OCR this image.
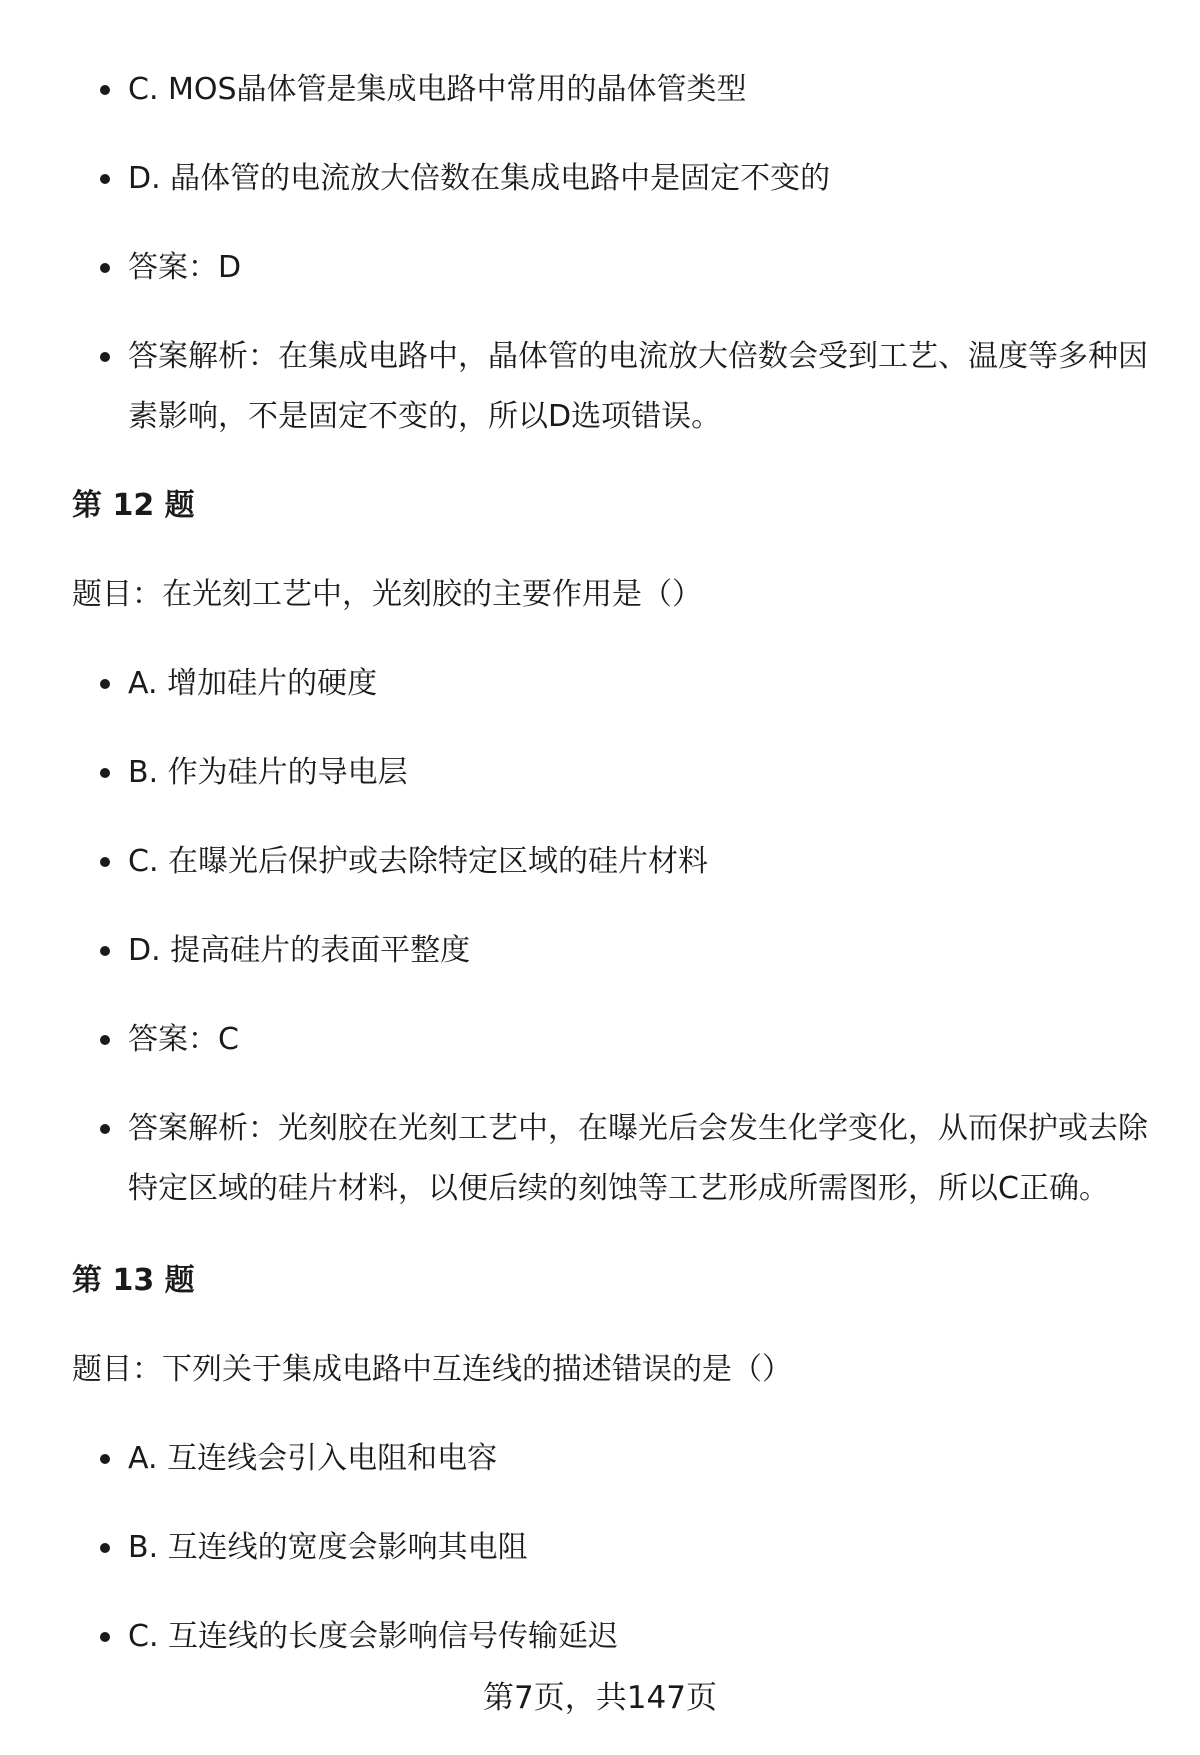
C. MOS晶体管是集成电路中常用的晶体管类型
D. 晶体管的电流放大倍数在集成电路中是固定不变的
答案：D
答案解析：在集成电路中，晶体管的电流放大倍数会受到工艺、温度等多种因素影响，不是固定不变的，所以D选项错误。
第 12 题

题目：在光刻工艺中，光刻胶的主要作用是（）

A. 增加硅片的硬度
B. 作为硅片的导电层
C. 在曝光后保护或去除特定区域的硅片材料
D. 提高硅片的表面平整度
答案：C
答案解析：光刻胶在光刻工艺中，在曝光后会发生化学变化，从而保护或去除特定区域的硅片材料，以便后续的刻蚀等工艺形成所需图形，所以C正确。
第 13 题

题目：下列关于集成电路中互连线的描述错误的是（）

A. 互连线会引入电阻和电容
B. 互连线的宽度会影响其电阻
C. 互连线的长度会影响信号传输延迟
第7页，共147页
